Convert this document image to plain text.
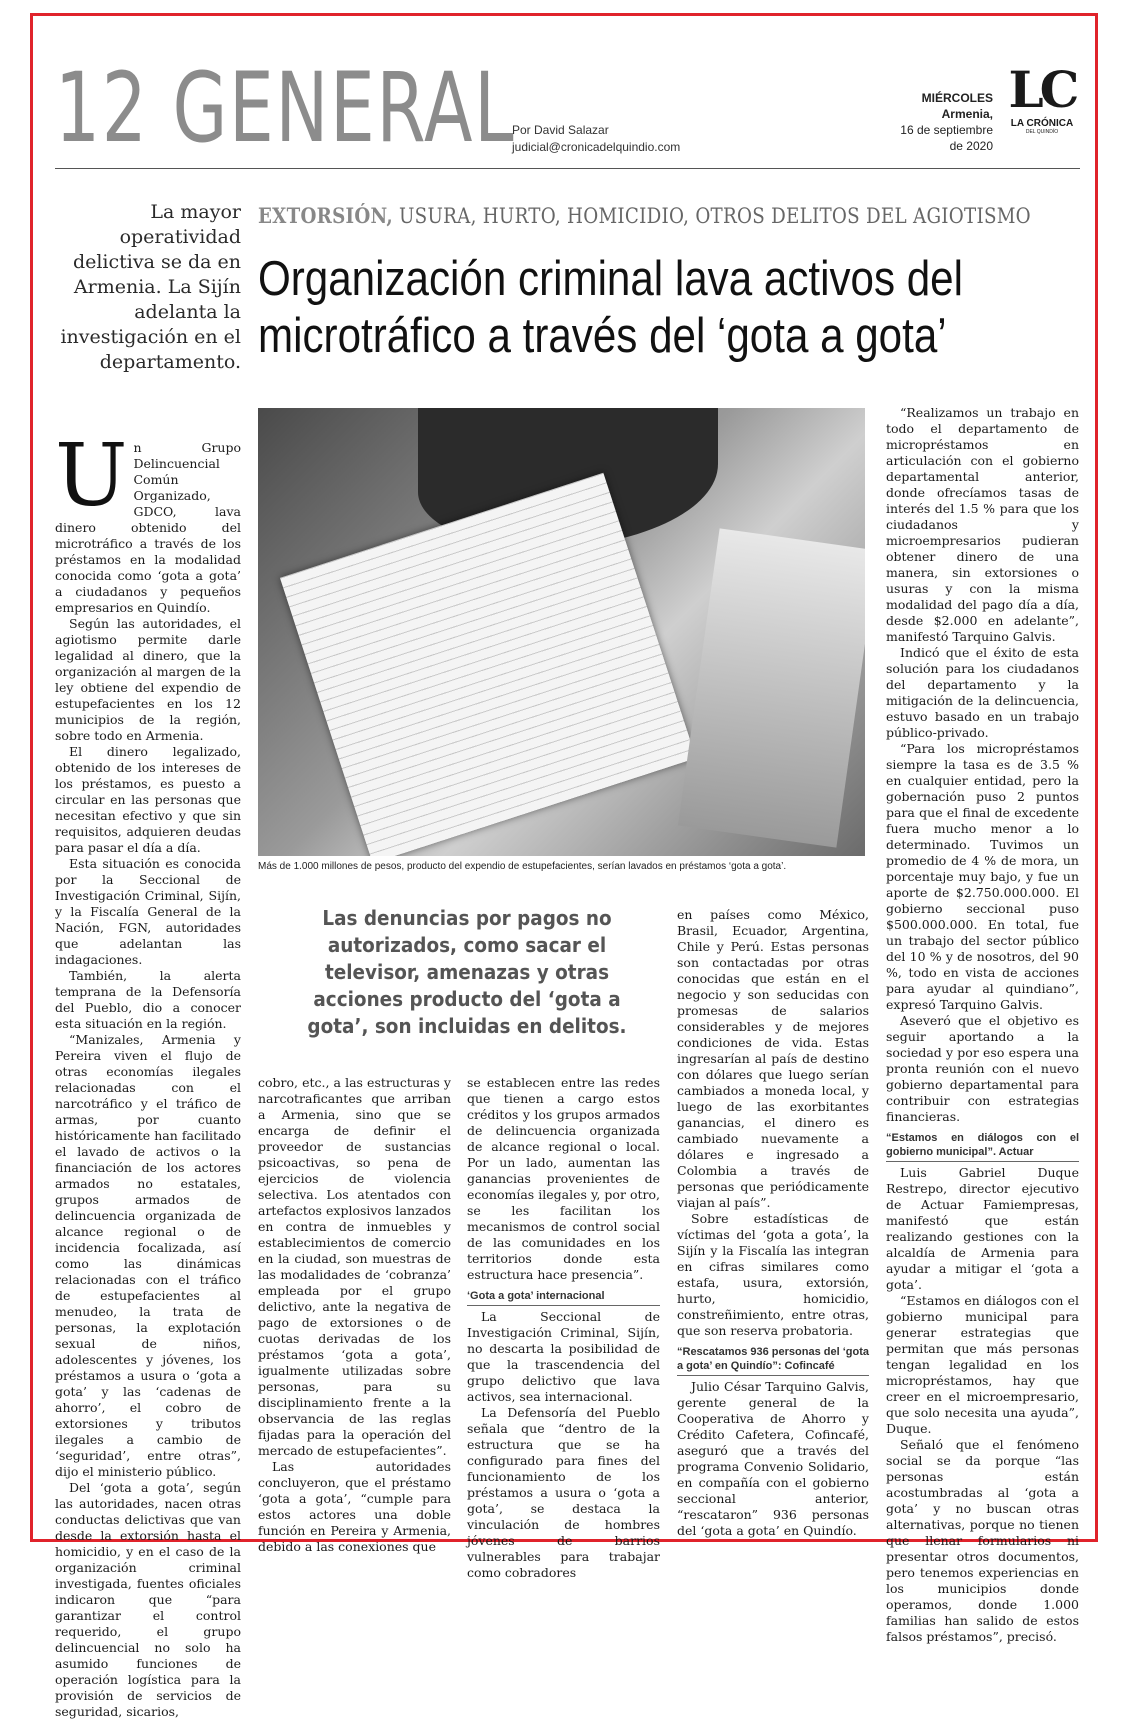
12 GENERAL
Por David Salazar
judicial@cronicadelquindio.com
MIÉRCOLES
Armenia,
16 de septiembre
de 2020
LC
LA CRÓNICA
DEL QUINDÍO
La mayor operatividad delictiva se da en Armenia. La Sijín adelanta la investigación en el departamento.
EXTORSIÓN, USURA, HURTO, HOMICIDIO, OTROS DELITOS DEL AGIOTISMO
Organización criminal lava activos del microtráfico a través del ‘gota a gota’
Más de 1.000 millones de pesos, producto del expendio de estupefacientes, serían lavados en préstamos ‘gota a gota’.
U n Grupo Delincuencial Común Organizado, GDCO, lava dinero obtenido del microtráfico a través de los préstamos en la modalidad conocida como ‘gota a gota’ a ciudadanos y pequeños empresarios en Quindío.

Según las autoridades, el agiotismo permite darle legalidad al dinero, que la organización al margen de la ley obtiene del expendio de estupefacientes en los 12 municipios de la región, sobre todo en Armenia.

El dinero legalizado, obtenido de los intereses de los préstamos, es puesto a circular en las personas que necesitan efectivo y que sin requisitos, adquieren deudas para pasar el día a día.

Esta situación es conocida por la Seccional de Investigación Criminal, Sijín, y la Fiscalía General de la Nación, FGN, autoridades que adelantan las indagaciones.

También, la alerta temprana de la Defensoría del Pueblo, dio a conocer esta situación en la región.

“Manizales, Armenia y Pereira viven el flujo de otras economías ilegales relacionadas con el narcotráfico y el tráfico de armas, por cuanto históricamente han facilitado el lavado de activos o la financiación de los actores armados no estatales, grupos armados de delincuencia organizada de alcance regional o de incidencia focalizada, así como las dinámicas relacionadas con el tráfico de estupefacientes al menudeo, la trata de personas, la explotación sexual de niños, adolescentes y jóvenes, los préstamos a usura o ‘gota a gota’ y las ‘cadenas de ahorro’, el cobro de extorsiones y tributos ilegales a cambio de ‘seguridad’, entre otras”, dijo el ministerio público.

Del ‘gota a gota’, según las autoridades, nacen otras conductas delictivas que van desde la extorsión hasta el homicidio, y en el caso de la organización criminal investigada, fuentes oficiales indicaron que “para garantizar el control requerido, el grupo delincuencial no solo ha asumido funciones de operación logística para la provisión de servicios de seguridad, sicarios,

Las denuncias por pagos no autorizados, como sacar el televisor, amenazas y otras acciones producto del ‘gota a gota’, son incluidas en delitos.

cobro, etc., a las estructuras y narcotraficantes que arriban a Armenia, sino que se encarga de definir el proveedor de sustancias psicoactivas, so pena de ejercicios de violencia selectiva. Los atentados con artefactos explosivos lanzados en contra de inmuebles y establecimientos de comercio en la ciudad, son muestras de las modalidades de ‘cobranza’ empleada por el grupo delictivo, ante la negativa de pago de extorsiones o de cuotas derivadas de los préstamos ‘gota a gota’, igualmente utilizadas sobre personas, para su disciplinamiento frente a la observancia de las reglas fijadas para la operación del mercado de estupefacientes”.

Las autoridades concluyeron, que el préstamo ‘gota a gota’, “cumple para estos actores una doble función en Pereira y Armenia, debido a las conexiones que

se establecen entre las redes que tienen a cargo estos créditos y los grupos armados de delincuencia organizada de alcance regional o local. Por un lado, aumentan las ganancias provenientes de economías ilegales y, por otro, se les facilitan los mecanismos de control social de las comunidades en los territorios donde esta estructura hace presencia”.

‘Gota a gota’ internacional

La Seccional de Investigación Criminal, Sijín, no descarta la posibilidad de que la trascendencia del grupo delictivo que lava activos, sea internacional.

La Defensoría del Pueblo señala que “dentro de la estructura que se ha configurado para fines del funcionamiento de los préstamos a usura o ‘gota a gota’, se destaca la vinculación de hombres jóvenes de barrios vulnerables para trabajar como cobradores

en países como México, Brasil, Ecuador, Argentina, Chile y Perú. Estas personas son contactadas por otras conocidas que están en el negocio y son seducidas con promesas de salarios considerables y de mejores condiciones de vida. Estas ingresarían al país de destino con dólares que luego serían cambiados a moneda local, y luego de las exorbitantes ganancias, el dinero es cambiado nuevamente a dólares e ingresado a Colombia a través de personas que periódicamente viajan al país”.

Sobre estadísticas de víctimas del ‘gota a gota’, la Sijín y la Fiscalía las integran en cifras similares como estafa, usura, extorsión, hurto, homicidio, constreñimiento, entre otras, que son reserva probatoria.

“Rescatamos 936 personas del ‘gota a gota’ en Quindío”: Cofincafé

Julio César Tarquino Galvis, gerente general de la Cooperativa de Ahorro y Crédito Cafetera, Cofincafé, aseguró que a través del programa Convenio Solidario, en compañía con el gobierno seccional anterior, “rescataron” 936 personas del ‘gota a gota’ en Quindío.

“Realizamos un trabajo en todo el departamento de micropréstamos en articulación con el gobierno departamental anterior, donde ofrecíamos tasas de interés del 1.5 % para que los ciudadanos y microempresarios pudieran obtener dinero de una manera, sin extorsiones o usuras y con la misma modalidad del pago día a día, desde $2.000 en adelante”, manifestó Tarquino Galvis.

Indicó que el éxito de esta solución para los ciudadanos del departamento y la mitigación de la delincuencia, estuvo basado en un trabajo público-privado.

“Para los micropréstamos siempre la tasa es de 3.5 % en cualquier entidad, pero la gobernación puso 2 puntos para que el final de excedente fuera mucho menor a lo determinado. Tuvimos un promedio de 4 % de mora, un porcentaje muy bajo, y fue un aporte de $2.750.000.000. El gobierno seccional puso $500.000.000. En total, fue un trabajo del sector público del 10 % y de nosotros, del 90 %, todo en vista de acciones para ayudar al quindiano”, expresó Tarquino Galvis.

Aseveró que el objetivo es seguir aportando a la sociedad y por eso espera una pronta reunión con el nuevo gobierno departamental para contribuir con estrategias financieras.

“Estamos en diálogos con el gobierno municipal”. Actuar

Luis Gabriel Duque Restrepo, director ejecutivo de Actuar Famiempresas, manifestó que están realizando gestiones con la alcaldía de Armenia para ayudar a mitigar el ‘gota a gota’.

“Estamos en diálogos con el gobierno municipal para generar estrategias que permitan que más personas tengan legalidad en los micropréstamos, hay que creer en el microempresario, que solo necesita una ayuda”, Duque.

Señaló que el fenómeno social se da porque “las personas están acostumbradas al ‘gota a gota’ y no buscan otras alternativas, porque no tienen que llenar formularios ni presentar otros documentos, pero tenemos experiencias en los municipios donde operamos, donde 1.000 familias han salido de estos falsos préstamos”, precisó.
